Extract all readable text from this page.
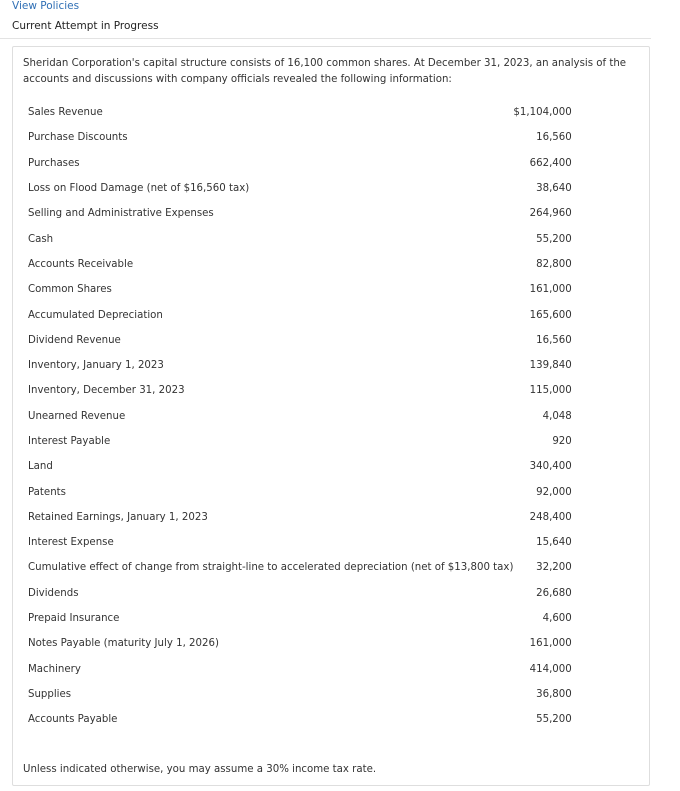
View Policies
Current Attempt in Progress

Sheridan Corporation's capital structure consists of 16,100 common shares. At December 31, 2023, an analysis of the accounts and discussions with company officials revealed the following information:

Sales Revenue	$1,104,000
Purchase Discounts	16,560
Purchases	662,400
Loss on Flood Damage (net of $16,560 tax)	38,640
Selling and Administrative Expenses	264,960
Cash	55,200
Accounts Receivable	82,800
Common Shares	161,000
Accumulated Depreciation	165,600
Dividend Revenue	16,560
Inventory, January 1, 2023	139,840
Inventory, December 31, 2023	115,000
Unearned Revenue	4,048
Interest Payable	920
Land	340,400
Patents	92,000
Retained Earnings, January 1, 2023	248,400
Interest Expense	15,640
Cumulative effect of change from straight-line to accelerated depreciation (net of $13,800 tax)	32,200
Dividends	26,680
Prepaid Insurance	4,600
Notes Payable (maturity July 1, 2026)	161,000
Machinery	414,000
Supplies	36,800
Accounts Payable	55,200
Unless indicated otherwise, you may assume a 30% income tax rate.
